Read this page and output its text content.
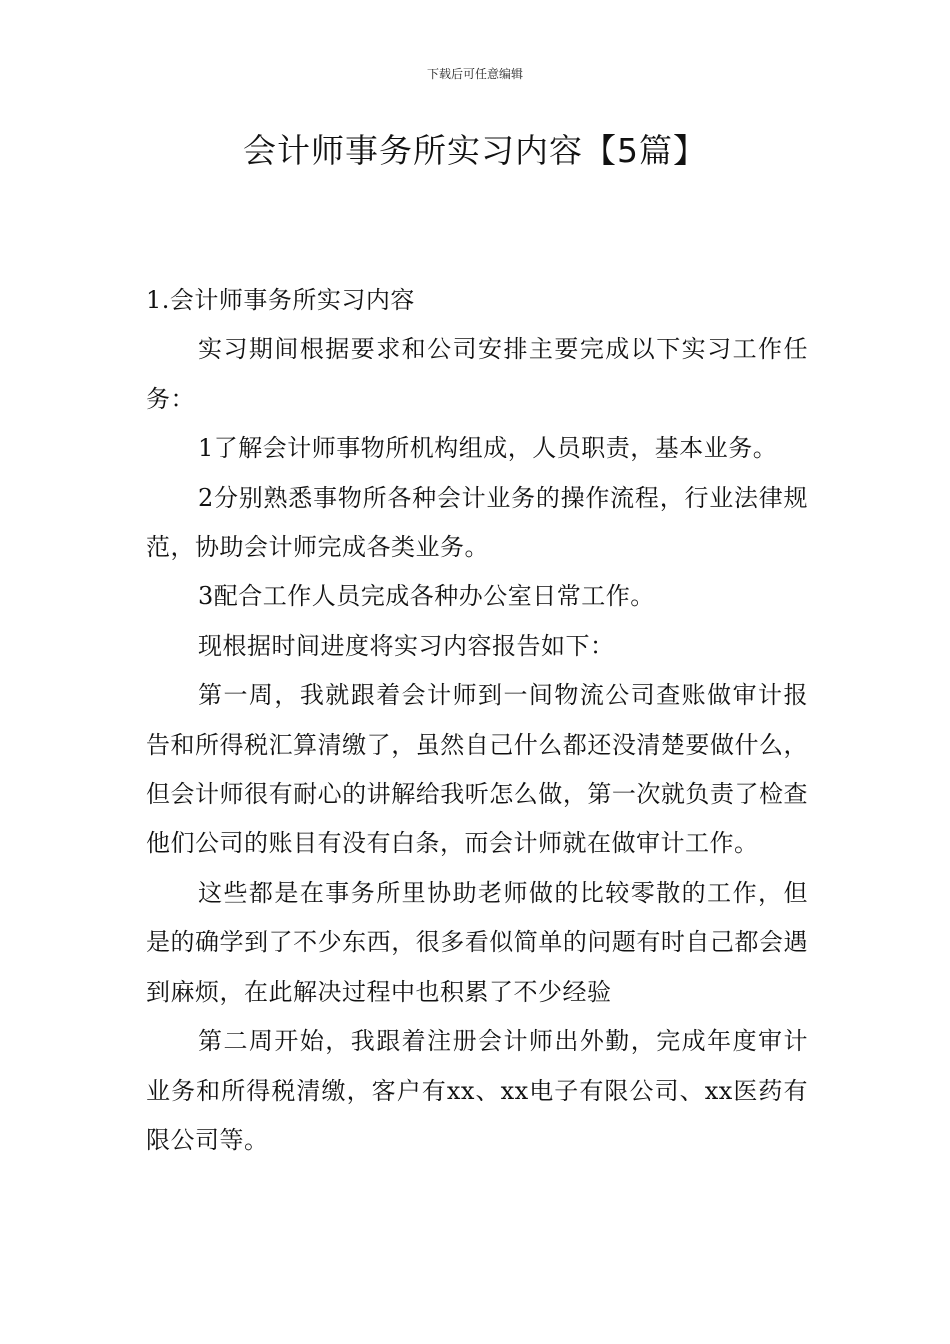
下载后可任意编辑
会计师事务所实习内容【5篇】

1.会计师事务所实习内容

实习期间根据要求和公司安排主要完成以下实习工作任务：

1了解会计师事物所机构组成，人员职责，基本业务。

2分别熟悉事物所各种会计业务的操作流程，行业法律规范，协助会计师完成各类业务。

3配合工作人员完成各种办公室日常工作。

现根据时间进度将实习内容报告如下：

第一周，我就跟着会计师到一间物流公司查账做审计报告和所得税汇算清缴了，虽然自己什么都还没清楚要做什么，但会计师很有耐心的讲解给我听怎么做，第一次就负责了检查他们公司的账目有没有白条，而会计师就在做审计工作。

这些都是在事务所里协助老师做的比较零散的工作，但是的确学到了不少东西，很多看似简单的问题有时自己都会遇到麻烦，在此解决过程中也积累了不少经验

第二周开始，我跟着注册会计师出外勤，完成年度审计业务和所得税清缴，客户有xx、xx电子有限公司、xx医药有限公司等。
